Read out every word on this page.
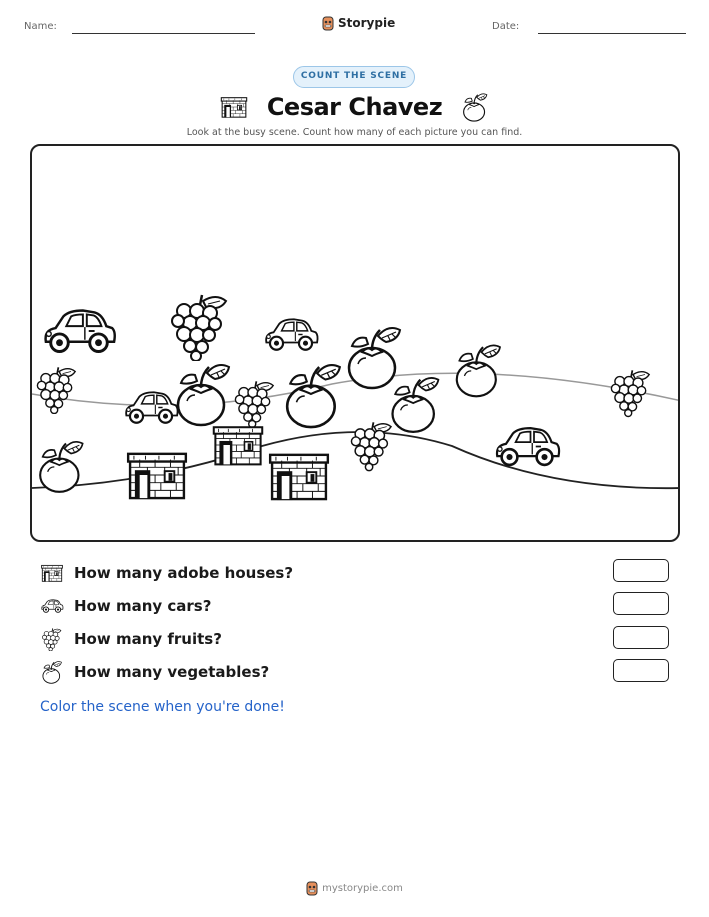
Name:	Storypie	Date:
COUNT THE SCENE
Cesar Chavez
Look at the busy scene. Count how many of each picture you can find.
How many adobe houses?
How many cars?
How many fruits?
How many vegetables?
Color the scene when you're done!
mystorypie.com
